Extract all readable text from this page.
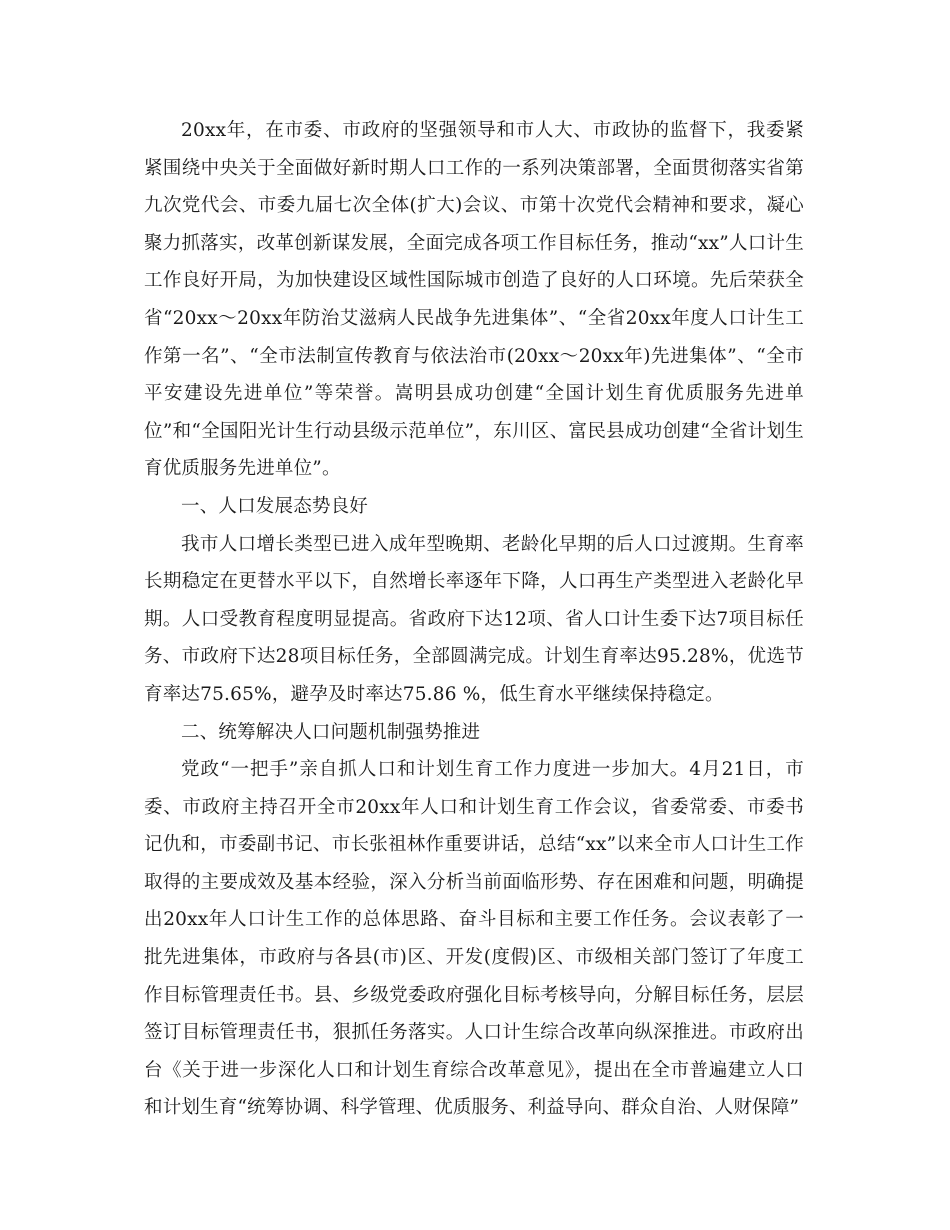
20xx年，在市委、市政府的坚强领导和市人大、市政协的监督下，我委紧紧围绕中央关于全面做好新时期人口工作的一系列决策部署，全面贯彻落实省第九次党代会、市委九届七次全体(扩大)会议、市第十次党代会精神和要求，凝心聚力抓落实，改革创新谋发展，全面完成各项工作目标任务，推动“xx”人口计生工作良好开局，为加快建设区域性国际城市创造了良好的人口环境。先后荣获全省“20xx～20xx年防治艾滋病人民战争先进集体”、“全省20xx年度人口计生工作第一名”、“全市法制宣传教育与依法治市(20xx～20xx年)先进集体”、“全市平安建设先进单位”等荣誉。嵩明县成功创建“全国计划生育优质服务先进单位”和“全国阳光计生行动县级示范单位”，东川区、富民县成功创建“全省计划生育优质服务先进单位”。

一、人口发展态势良好

我市人口增长类型已进入成年型晚期、老龄化早期的后人口过渡期。生育率长期稳定在更替水平以下，自然增长率逐年下降，人口再生产类型进入老龄化早期。人口受教育程度明显提高。省政府下达12项、省人口计生委下达7项目标任务、市政府下达28项目标任务，全部圆满完成。计划生育率达95.28%，优选节育率达75.65%，避孕及时率达75.86 %，低生育水平继续保持稳定。

二、统筹解决人口问题机制强势推进

党政“一把手”亲自抓人口和计划生育工作力度进一步加大。4月21日，市委、市政府主持召开全市20xx年人口和计划生育工作会议，省委常委、市委书记仇和，市委副书记、市长张祖林作重要讲话，总结“xx”以来全市人口计生工作取得的主要成效及基本经验，深入分析当前面临形势、存在困难和问题，明确提出20xx年人口计生工作的总体思路、奋斗目标和主要工作任务。会议表彰了一批先进集体，市政府与各县(市)区、开发(度假)区、市级相关部门签订了年度工作目标管理责任书。县、乡级党委政府强化目标考核导向，分解目标任务，层层签订目标管理责任书，狠抓任务落实。人口计生综合改革向纵深推进。市政府出台《关于进一步深化人口和计划生育综合改革意见》，提出在全市普遍建立人口和计划生育“统筹协调、科学管理、优质服务、利益导向、群众自治、人财保障”
